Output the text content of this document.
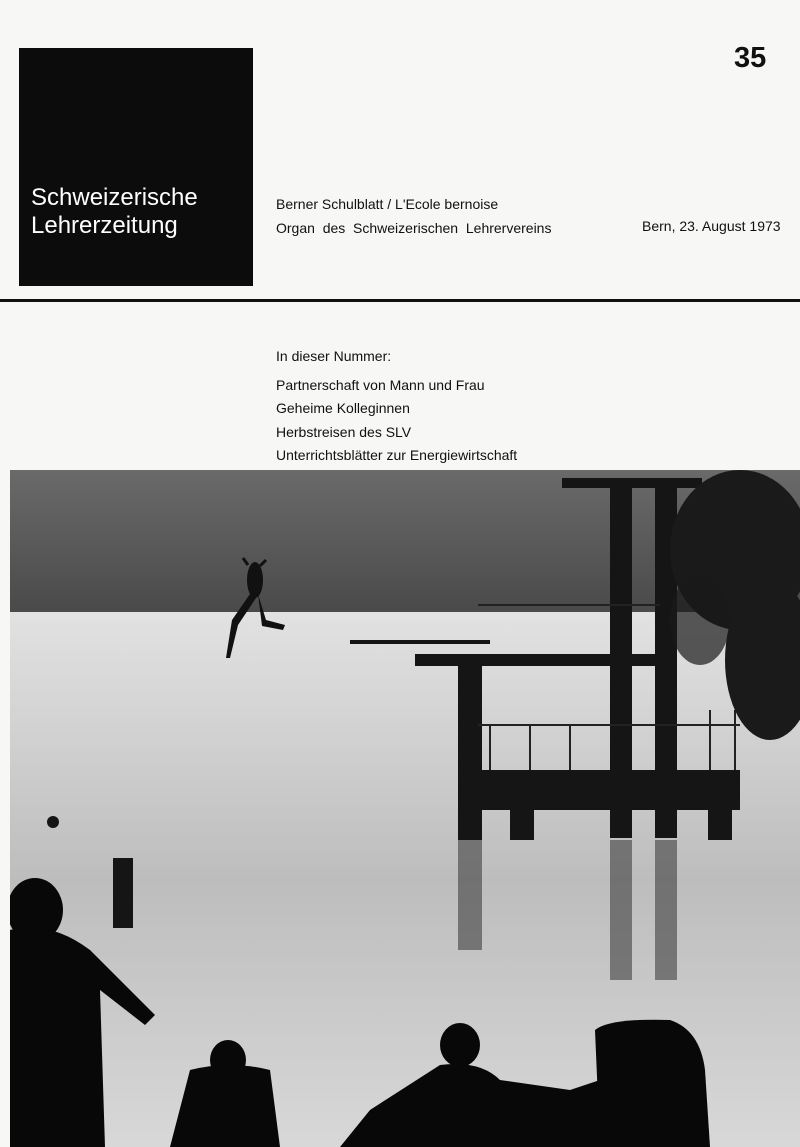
Schweizerische
Lehrerzeitung
35
Berner Schulblatt / L'Ecole bernoise
Organ  des  Schweizerischen  Lehrervereins	Bern, 23. August 1973
In dieser Nummer:
Partnerschaft von Mann und Frau
Geheime Kolleginnen
Herbstreisen des SLV
Unterrichtsblätter zur Energiewirtschaft
